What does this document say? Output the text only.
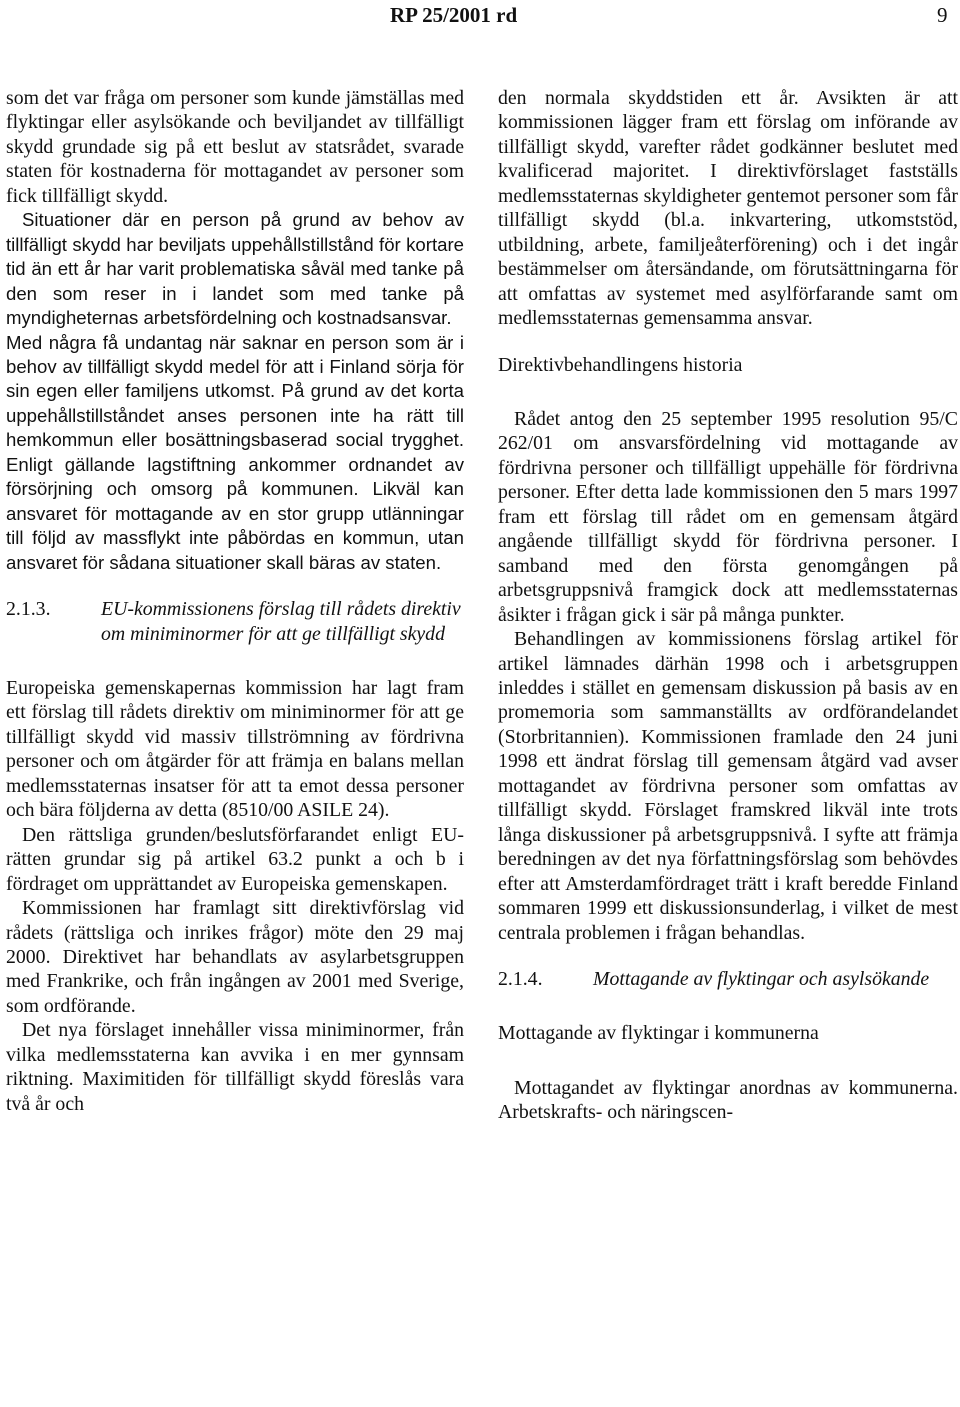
RP 25/2001 rd	9

som det var fråga om personer som kunde jämställas med flyktingar eller asylsökande och beviljandet av tillfälligt skydd grundade sig på ett beslut av statsrådet, svarade staten för kostnaderna för mottagandet av personer som fick tillfälligt skydd.

Situationer där en person på grund av behov av tillfälligt skydd har beviljats uppehållstillstånd för kortare tid än ett år har varit problematiska såväl med tanke på den som reser in i landet som med tanke på myndigheternas arbetsfördelning och kostnadsansvar.

Med några få undantag när saknar en person som är i behov av tillfälligt skydd medel för att i Finland sörja för sin egen eller familjens utkomst. På grund av det korta uppehållstillståndet anses personen inte ha rätt till hemkommun eller bosättningsbaserad social trygghet. Enligt gällande lagstiftning ankommer ordnandet av försörjning och omsorg på kommunen. Likväl kan ansvaret för mottagande av en stor grupp utlänningar till följd av massflykt inte påbördas en kommun, utan ansvaret för sådana situationer skall bäras av staten.

2.1.3.	EU-kommissionens förslag till rådets direktiv om miniminormer för att ge tillfälligt skydd

Europeiska gemenskapernas kommission har lagt fram ett förslag till rådets direktiv om miniminormer för att ge tillfälligt skydd vid massiv tillströmning av fördrivna personer och om åtgärder för att främja en balans mellan medlemsstaternas insatser för att ta emot dessa personer och bära följderna av detta (8510/00 ASILE 24).

Den rättsliga grunden/beslutsförfarandet enligt EU-rätten grundar sig på artikel 63.2 punkt a och b i fördraget om upprättandet av Europeiska gemenskapen.

Kommissionen har framlagt sitt direktivförslag vid rådets (rättsliga och inrikes frågor) möte den 29 maj 2000. Direktivet har behandlats av asylarbetsgruppen med Frankrike, och från ingången av 2001 med Sverige, som ordförande.

Det nya förslaget innehåller vissa miniminormer, från vilka medlemsstaterna kan avvika i en mer gynnsam riktning. Maximitiden för tillfälligt skydd föreslås vara två år och

den normala skyddstiden ett år. Avsikten är att kommissionen lägger fram ett förslag om införande av tillfälligt skydd, varefter rådet godkänner beslutet med kvalificerad majoritet. I direktivförslaget fastställs medlemsstaternas skyldigheter gentemot personer som får tillfälligt skydd (bl.a. inkvartering, utkomststöd, utbildning, arbete, familjeåterförening) och i det ingår bestämmelser om återsändande, om förutsättningarna för att omfattas av systemet med asylförfarande samt om medlemsstaternas gemensamma ansvar.

Direktivbehandlingens historia

Rådet antog den 25 september 1995 resolution 95/C 262/01 om ansvarsfördelning vid mottagande av fördrivna personer och tillfälligt uppehälle för fördrivna personer. Efter detta lade kommissionen den 5 mars 1997 fram ett förslag till rådet om en gemensam åtgärd angående tillfälligt skydd för fördrivna personer. I samband med den första genomgången på arbetsgruppsnivå framgick dock att medlemsstaternas åsikter i frågan gick i sär på många punkter.

Behandlingen av kommissionens förslag artikel för artikel lämnades därhän 1998 och i arbetsgruppen inleddes i stället en gemensam diskussion på basis av en promemoria som sammanställts av ordförandelandet (Storbritannien). Kommissionen framlade den 24 juni 1998 ett ändrat förslag till gemensam åtgärd vad avser mottagandet av fördrivna personer som omfattas av tillfälligt skydd. Förslaget framskred likväl inte trots långa diskussioner på arbetsgruppsnivå. I syfte att främja beredningen av det nya författningsförslag som behövdes efter att Amsterdamfördraget trätt i kraft beredde Finland sommaren 1999 ett diskussionsunderlag, i vilket de mest centrala problemen i frågan behandlas.

2.1.4.	Mottagande av flyktingar och asylsökande

Mottagande av flyktingar i kommunerna

Mottagandet av flyktingar anordnas av kommunerna. Arbetskrafts- och näringscen-
